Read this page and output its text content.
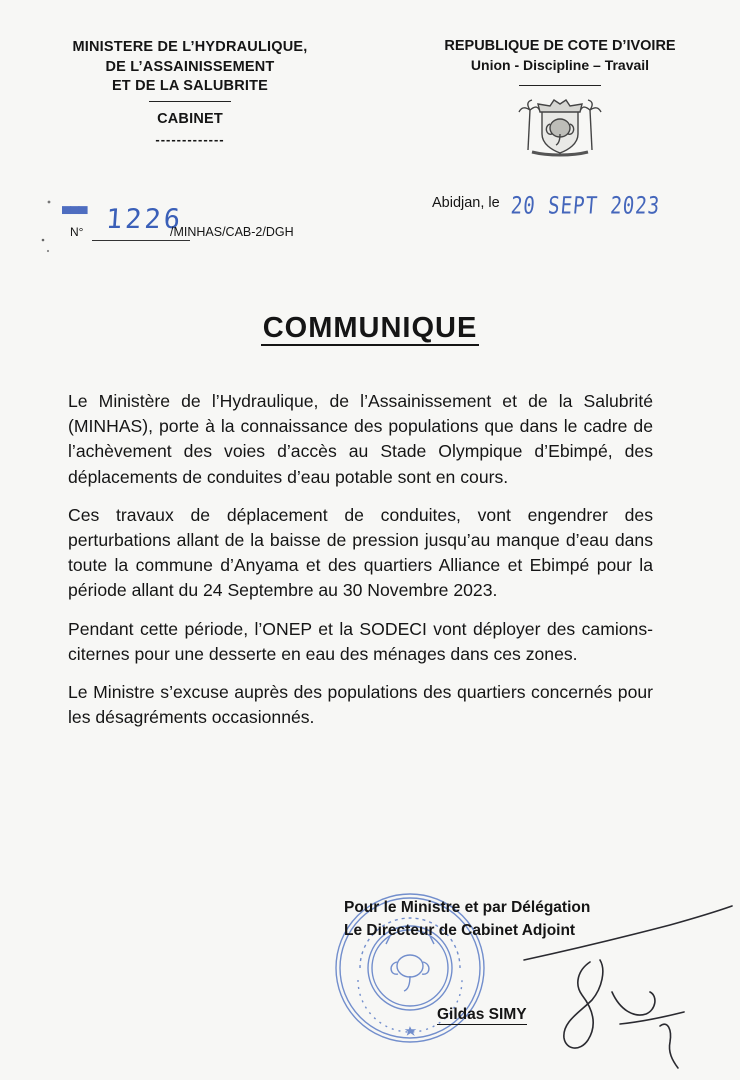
MINISTERE DE L’HYDRAULIQUE,
DE L’ASSAINISSEMENT
ET DE LA SALUBRITE
CABINET
-------------
REPUBLIQUE DE COTE D’IVOIRE
Union - Discipline – Travail
▀▀▀
N° 1226
/MINHAS/CAB-2/DGH
Abidjan, le 20 SEPT 2023
COMMUNIQUE

Le Ministère de l’Hydraulique, de l’Assainissement et de la Salubrité (MINHAS), porte à la connaissance des populations que dans le cadre de l’achèvement des voies d’accès au Stade Olympique d’Ebimpé, des déplacements de conduites d’eau potable sont en cours.

Ces travaux de déplacement de conduites, vont engendrer des perturbations allant de la baisse de pression jusqu’au manque d’eau dans toute la commune d’Anyama et des quartiers Alliance et Ebimpé pour la période allant du 24 Septembre au 30 Novembre 2023.

Pendant cette période, l’ONEP et la SODECI vont déployer des camions-citernes pour une desserte en eau des ménages dans ces zones.

Le Ministre s’excuse auprès des populations des quartiers concernés pour les désagréments occasionnés.

Pour le Ministre et par Délégation
Le Directeur de Cabinet Adjoint
Gildas SIMY
